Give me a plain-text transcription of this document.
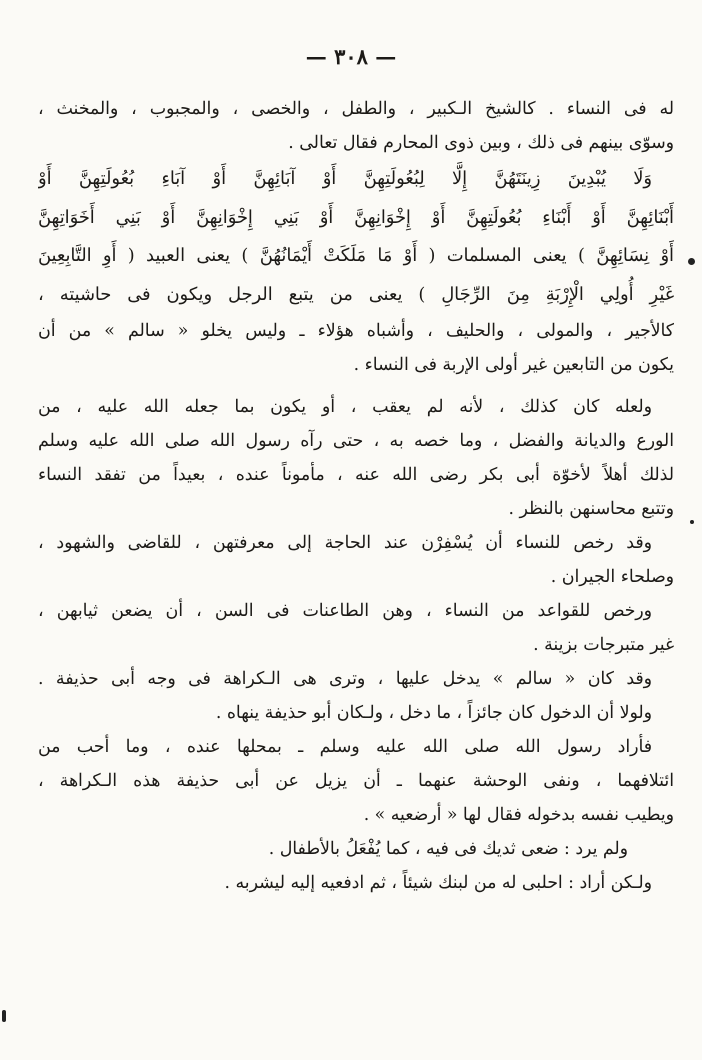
— ٣٠٨ —
له فى النساء . كالشيخ الـكبير ، والطفل ، والخصى ، والمجبوب ، والمخنث ،
وسوّى بينهم فى ذلك ، وبين ذوى المحارم فقال تعالى .
وَلَا يُبْدِينَ زِينَتَهُنَّ إِلَّا لِبُعُولَتِهِنَّ أَوْ آبَائِهِنَّ أَوْ آبَاءِ بُعُولَتِهِنَّ أَوْ
أَبْنَائِهِنَّ أَوْ أَبْنَاءِ بُعُولَتِهِنَّ أَوْ إِخْوَانِهِنَّ أَوْ بَنِي إِخْوَانِهِنَّ أَوْ بَنِي أَخَوَاتِهِنَّ
أَوْ نِسَائِهِنَّ ) يعنى المسلمات ( أَوْ مَا مَلَكَتْ أَيْمَانُهُنَّ ) يعنى العبيد ( أَوِ التَّابِعِينَ
غَيْرِ أُولِي الْإِرْبَةِ مِنَ الرِّجَالِ ) يعنى من يتبع الرجل ويكون فى حاشيته ،
كالأجير ، والمولى ، والحليف ، وأشباه هؤلاء ـ وليس يخلو « سالم » من أن
يكون من التابعين غير أولى الإربة فى النساء .
ولعله كان كذلك ، لأنه لم يعقب ، أو يكون بما جعله الله عليه ، من
الورع والديانة والفضل ، وما خصه به ، حتى رآه رسول الله صلى الله عليه وسلم
لذلك أهلاً لأخوّة أبى بكر رضى الله عنه ، مأموناً عنده ، بعيداً من تفقد النساء
وتتبع محاسنهن بالنظر .
وقد رخص للنساء أن يُسْفِرْن عند الحاجة إلى معرفتهن ، للقاضى والشهود ،
وصلحاء الجيران .
ورخص للقواعد من النساء ، وهن الطاعنات فى السن ، أن يضعن ثيابهن ،
غير متبرجات بزينة .
وقد كان « سالم » يدخل عليها ، وترى هى الـكراهة فى وجه أبى حذيفة .
ولولا أن الدخول كان جائزاً ، ما دخل ، ولـكان أبو حذيفة ينهاه .
فأراد رسول الله صلى الله عليه وسلم ـ بمحلها عنده ، وما أحب من
ائتلافهما ، ونفى الوحشة عنهما ـ أن يزيل عن أبى حذيفة هذه الـكراهة ،
ويطيب نفسه بدخوله فقال لها « أرضعيه » .
ولم يرد : ضعى ثديك فى فيه ، كما يُفْعَلُ بالأطفال .
ولـكن أراد : احلبى له من لبنك شيئاً ، ثم ادفعيه إليه ليشربه .
